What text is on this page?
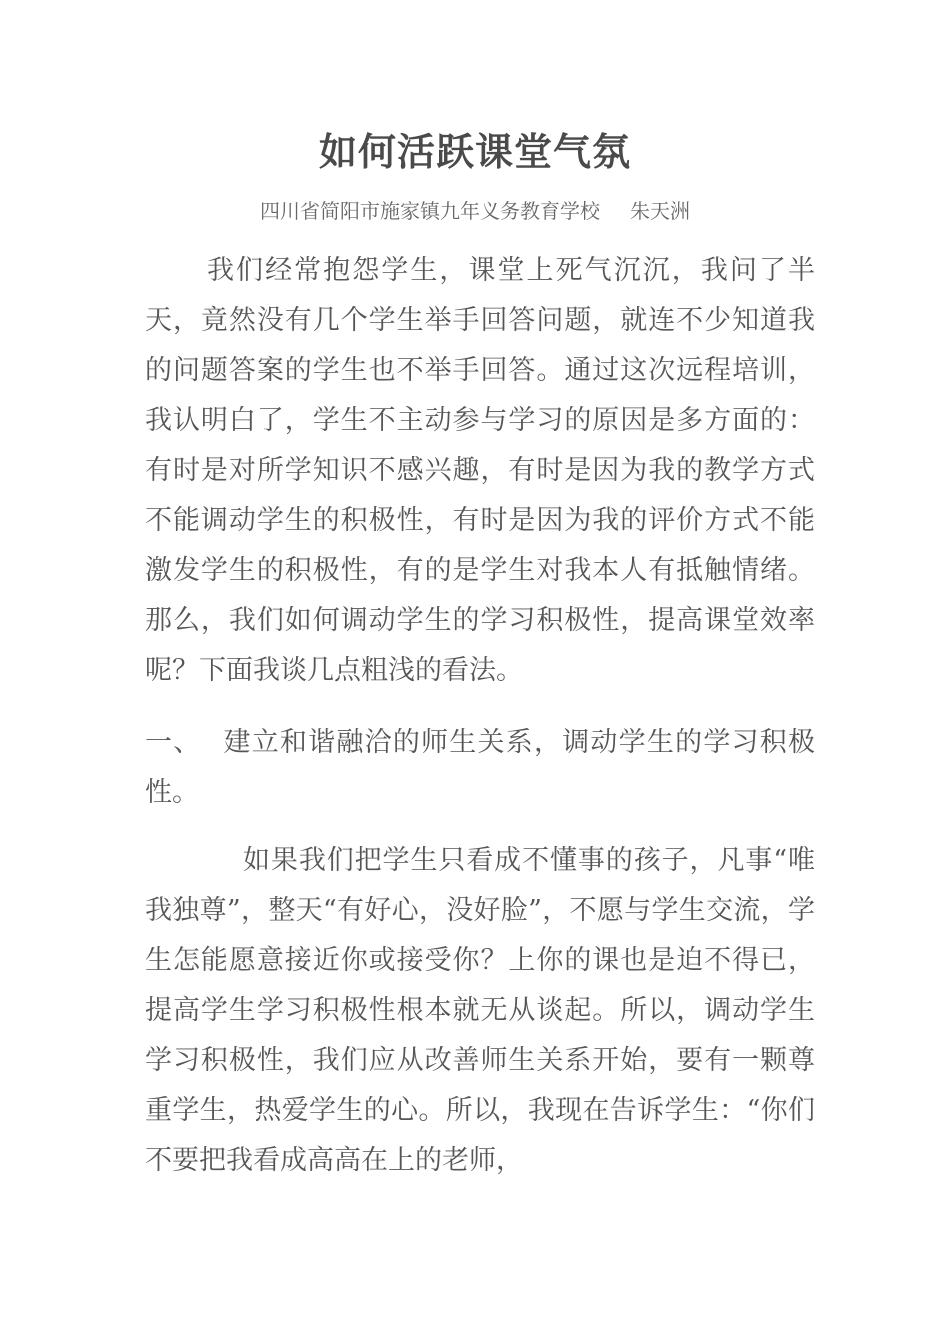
如何活跃课堂气氛
四川省简阳市施家镇九年义务教育学校 朱天洲
我们经常抱怨学生，课堂上死气沉沉，我问了半天，竟然没有几个学生举手回答问题，就连不少知道我的问题答案的学生也不举手回答。通过这次远程培训，我认明白了，学生不主动参与学习的原因是多方面的：有时是对所学知识不感兴趣，有时是因为我的教学方式不能调动学生的积极性，有时是因为我的评价方式不能激发学生的积极性，有的是学生对我本人有抵触情绪。那么，我们如何调动学生的学习积极性，提高课堂效率呢？下面我谈几点粗浅的看法。
一、 建立和谐融洽的师生关系，调动学生的学习积极性。
如果我们把学生只看成不懂事的孩子，凡事“唯我独尊”，整天“有好心，没好脸”，不愿与学生交流，学生怎能愿意接近你或接受你？上你的课也是迫不得已，提高学生学习积极性根本就无从谈起。所以，调动学生学习积极性，我们应从改善师生关系开始，要有一颗尊重学生，热爱学生的心。所以，我现在告诉学生：“你们不要把我看成高高在上的老师，
